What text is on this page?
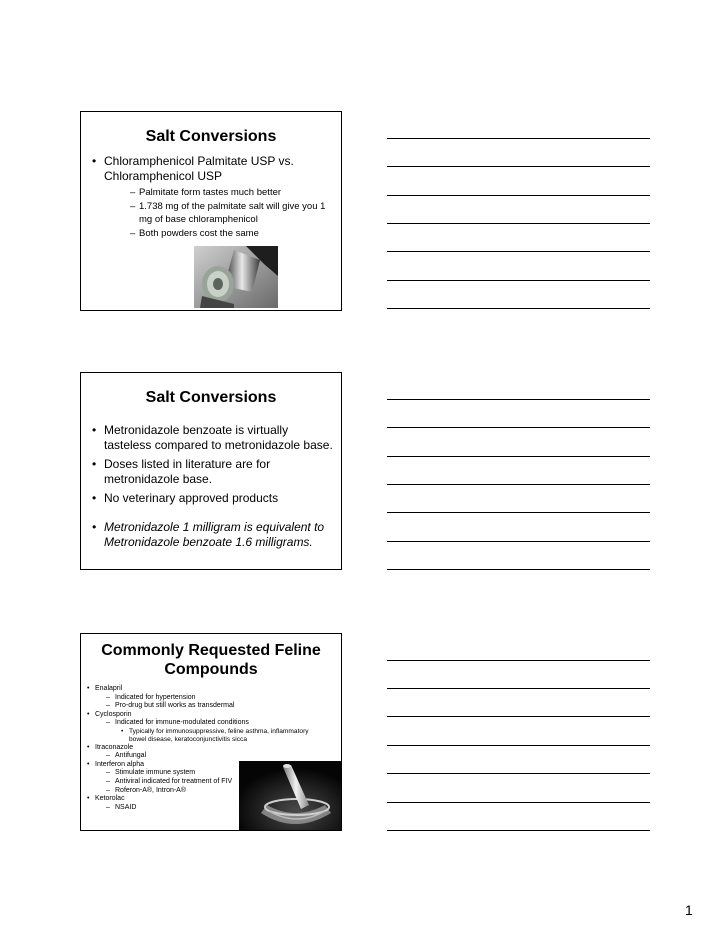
Salt Conversions
• Chloramphenicol Palmitate USP vs. Chloramphenicol USP
– Palmitate form tastes much better
– 1.738 mg of the palmitate salt will give you 1 mg of base chloramphenicol
– Both powders cost the same
Salt Conversions
• Metronidazole benzoate is virtually tasteless compared to metronidazole base.
• Doses listed in literature are for metronidazole base.
• No veterinary approved products
• Metronidazole 1 milligram is equivalent to Metronidazole benzoate 1.6 milligrams.
Commonly Requested Feline Compounds
• Enalapril
– Indicated for hypertension
– Pro-drug but still works as transdermal
• Cyclosporin
– Indicated for immune-modulated conditions
• Typically for immunosuppressive, feline asthma, inflammatory bowel disease, keratoconjunctivitis sicca
• Itraconazole
– Antifungal
• Interferon alpha
– Stimulate immune system
– Antiviral indicated for treatment of FIV
– Roferon-A®, Intron-A®
• Ketorolac
– NSAID
1
